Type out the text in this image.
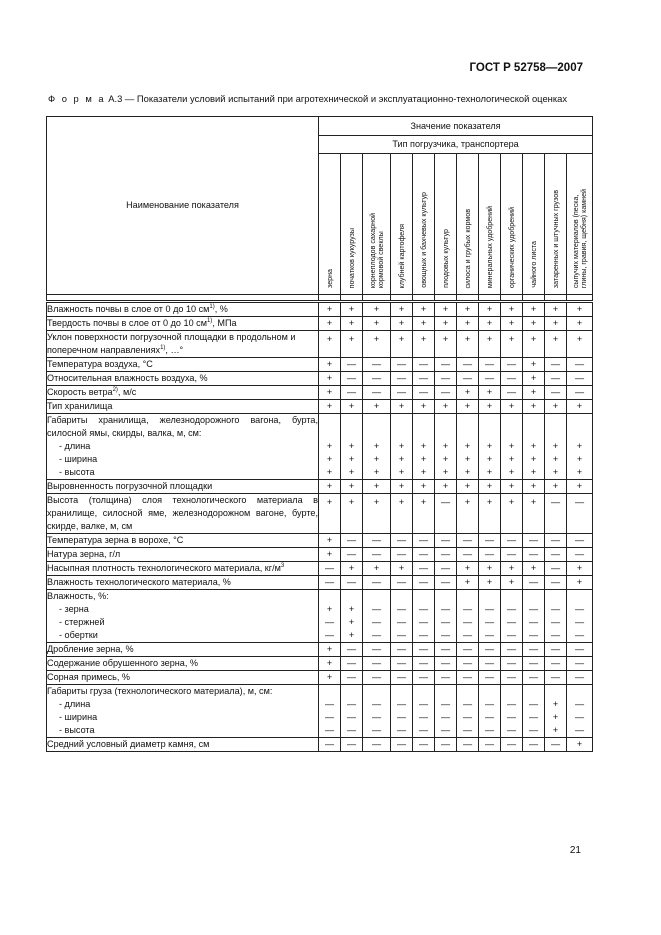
ГОСТ Р 52758—2007
Ф о р м а А.3 — Показатели условий испытаний при агротехнической и эксплуатационно-технологической оценках
Наименование показателя	Значение показателя											
	Тип погрузчика, транспортера											

	зерна	початков кукурузы	корнеплодов сахарной
кормовой свеклы	клубней картофеля	овощных и бахчевых культур	плодовых культур	силоса и грубых кормов	минеральных удобрений	органических удобрений	чайного листа	затаренных и штучных грузов	сыпучих материалов (песка,
глины, гравия, щебня) камней

Влажность почвы в слое от 0 до 10 $см^{1)}$, %	+	+	+	+	+	+	+	+	+	+	+	+
Твердость почвы в слое от 0 до 10 $см^{1)}$, МПа	+	+	+	+	+	+	+	+	+	+	+	+
Уклон поверхности погрузочной площадки в продольном и поперечном направлениях$^{1)}$, …°	+	+	+	+	+	+	+	+	+	+	+	+
Температура воздуха, °С	+	—	—	—	—	—	—	—	—	+	—	—
Относительная влажность воздуха, %	+	—	—	—	—	—	—	—	—	+	—	—
Скорость ветра$^{2)}$, м/с	+	—	—	—	—	—	+	+	—	+	—	—
Тип хранилища	+	+	+	+	+	+	+	+	+	+	+	+
Габариты хранилища, железнодорожного вагона, бурта, силосной ямы, скирды, валка, м, см:												
- длина	+	+	+	+	+	+	+	+	+	+	+	+
- ширина	+	+	+	+	+	+	+	+	+	+	+	+
- высота	+	+	+	+	+	+	+	+	+	+	+	+
Выровненность погрузочной площадки	+	+	+	+	+	+	+	+	+	+	+	+
Высота (толщина) слоя технологического материала в хранилище, силосной яме, железнодорожном вагоне, бурте, скирде, валке, м, см	+	+	+	+	+	—	+	+	+	+	—	—
Температура зерна в ворохе, °С	+	—	—	—	—	—	—	—	—	—	—	—
Натура зерна, г/л	+	—	—	—	—	—	—	—	—	—	—	—
Насыпная плотность технологического материала, $кг/м^3$	—	+	+	+	—	—	+	+	+	+	—	+
Влажность технологического материала, %	—	—	—	—	—	—	+	+	+	—	—	+
Влажность, %:												
- зерна	+	+	—	—	—	—	—	—	—	—	—	—
- стержней	—	+	—	—	—	—	—	—	—	—	—	—
- обертки	—	+	—	—	—	—	—	—	—	—	—	—
Дробление зерна, %	+	—	—	—	—	—	—	—	—	—	—	—
Содержание обрушенного зерна, %	+	—	—	—	—	—	—	—	—	—	—	—
Сорная примесь, %	+	—	—	—	—	—	—	—	—	—	—	—
Габариты груза (технологического материала), м, см:												
- длина	—	—	—	—	—	—	—	—	—	—	+	—
- ширина	—	—	—	—	—	—	—	—	—	—	+	—
- высота	—	—	—	—	—	—	—	—	—	—	+	—
Средний условный диаметр камня, см	—	—	—	—	—	—	—	—	—	—	—	+
21
